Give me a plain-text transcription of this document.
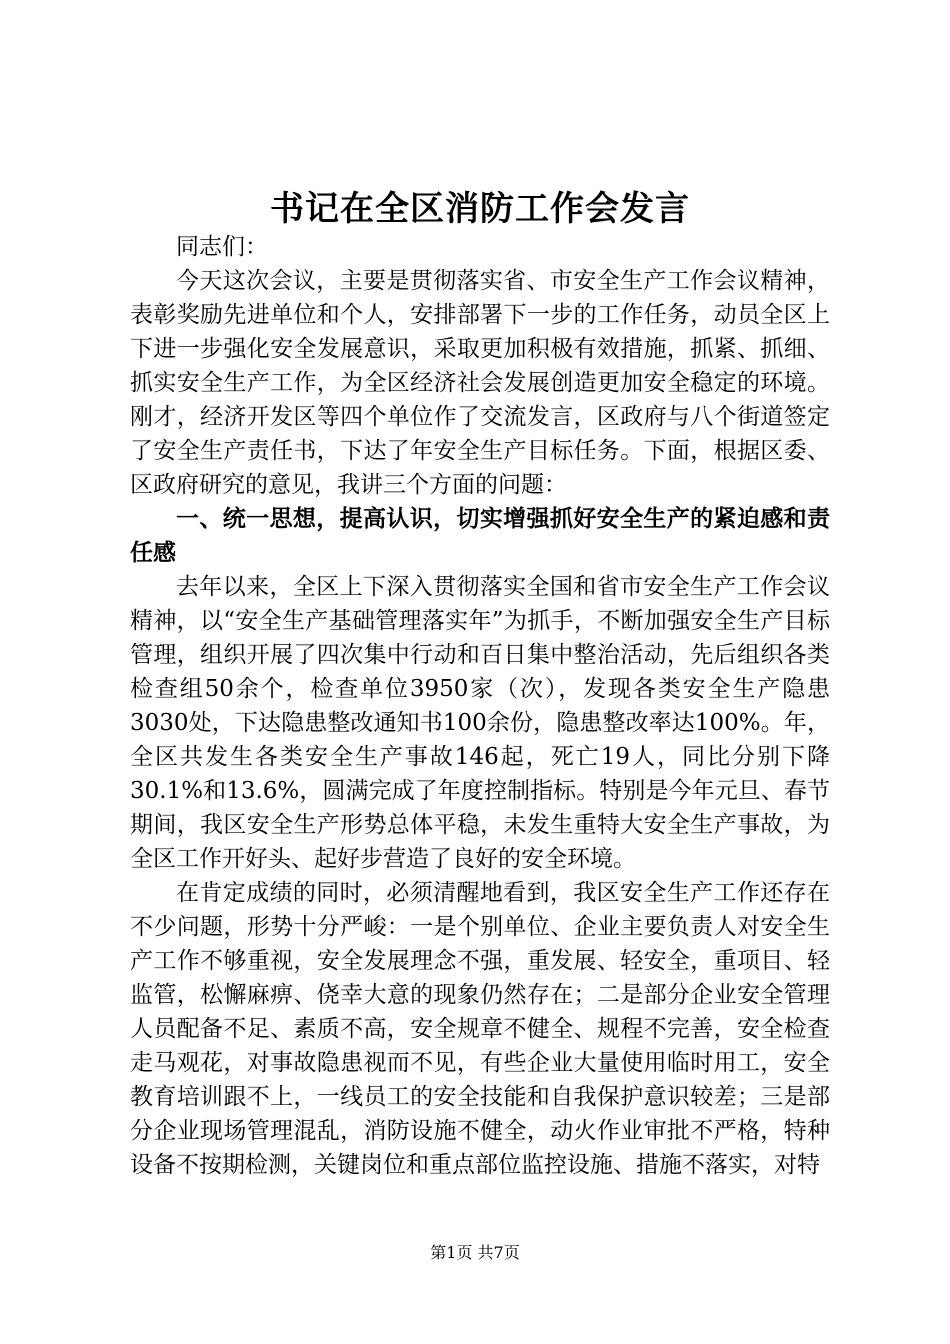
书记在全区消防工作会发言

同志们：

今天这次会议，主要是贯彻落实省、市安全生产工作会议精神，表彰奖励先进单位和个人，安排部署下一步的工作任务，动员全区上下进一步强化安全发展意识，采取更加积极有效措施，抓紧、抓细、抓实安全生产工作，为全区经济社会发展创造更加安全稳定的环境。刚才，经济开发区等四个单位作了交流发言，区政府与八个街道签定了安全生产责任书，下达了年安全生产目标任务。下面，根据区委、区政府研究的意见，我讲三个方面的问题：

一、统一思想，提高认识，切实增强抓好安全生产的紧迫感和责任感

去年以来，全区上下深入贯彻落实全国和省市安全生产工作会议精神，以“安全生产基础管理落实年”为抓手，不断加强安全生产目标管理，组织开展了四次集中行动和百日集中整治活动，先后组织各类检查组50余个，检查单位3950家（次），发现各类安全生产隐患3030处，下达隐患整改通知书100余份，隐患整改率达100%。年，全区共发生各类安全生产事故146起，死亡19人，同比分别下降30.1%和13.6%，圆满完成了年度控制指标。特别是今年元旦、春节期间，我区安全生产形势总体平稳，未发生重特大安全生产事故，为全区工作开好头、起好步营造了良好的安全环境。

在肯定成绩的同时，必须清醒地看到，我区安全生产工作还存在不少问题，形势十分严峻：一是个别单位、企业主要负责人对安全生产工作不够重视，安全发展理念不强，重发展、轻安全，重项目、轻监管，松懈麻痹、侥幸大意的现象仍然存在；二是部分企业安全管理人员配备不足、素质不高，安全规章不健全、规程不完善，安全检查走马观花，对事故隐患视而不见，有些企业大量使用临时用工，安全教育培训跟不上，一线员工的安全技能和自我保护意识较差；三是部分企业现场管理混乱，消防设施不健全，动火作业审批不严格，特种设备不按期检测，关键岗位和重点部位监控设施、措施不落实，对特

第1页 共7页
